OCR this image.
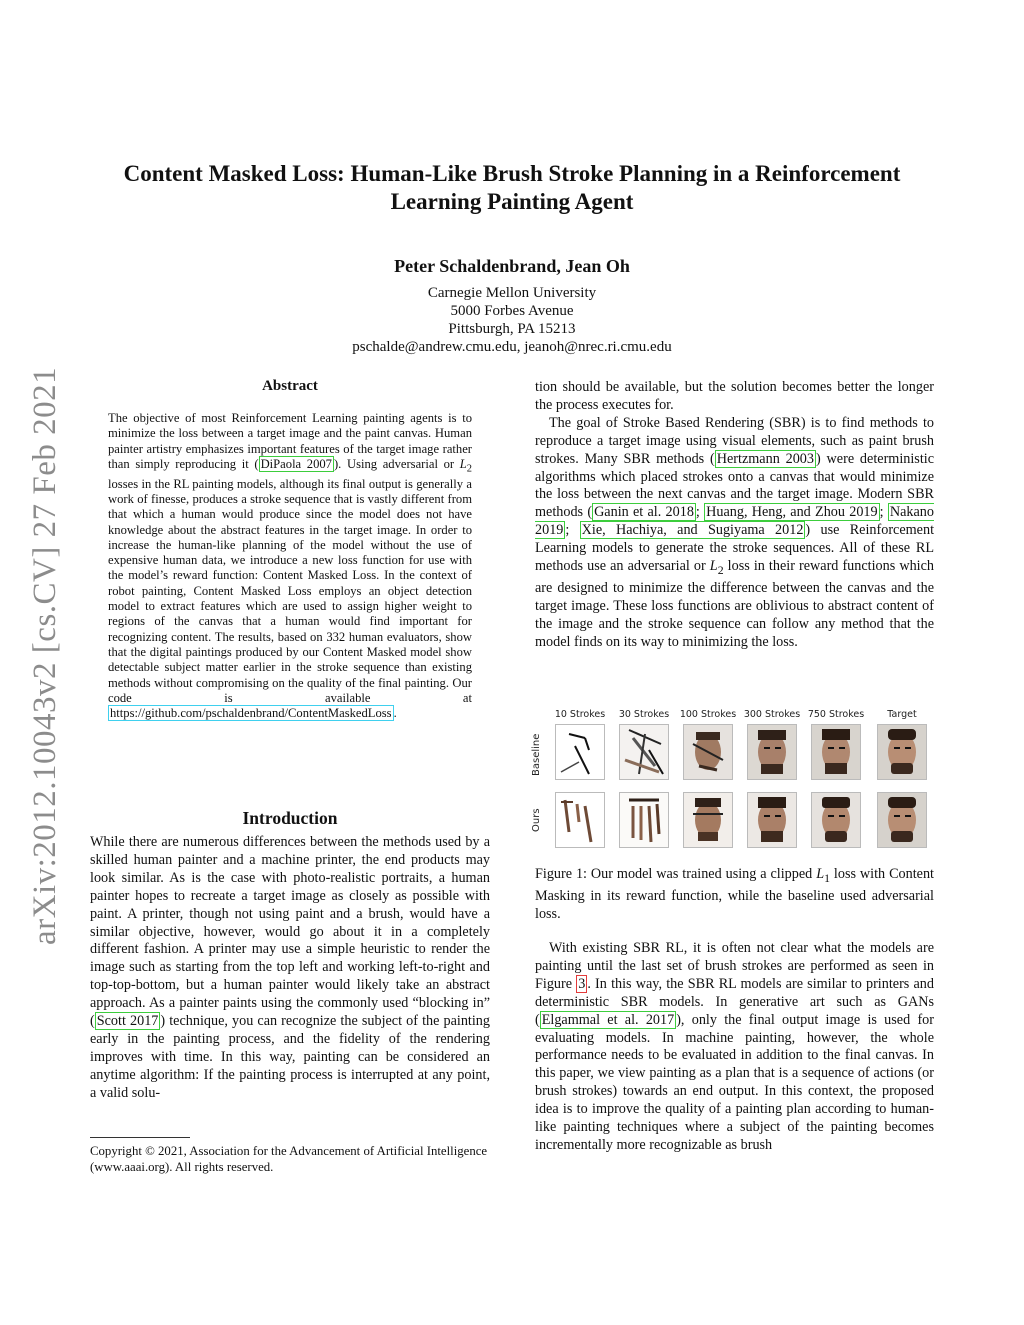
arXiv:2012.10043v2 [cs.CV] 27 Feb 2021
Content Masked Loss: Human-Like Brush Stroke Planning in a Reinforcement
Learning Painting Agent
Peter Schaldenbrand, Jean Oh
Carnegie Mellon University
5000 Forbes Avenue
Pittsburgh, PA 15213
pschalde@andrew.cmu.edu, jeanoh@nrec.ri.cmu.edu
Abstract
The objective of most Reinforcement Learning painting agents is to minimize the loss between a target image and the paint canvas. Human painter artistry emphasizes important features of the target image rather than simply reproducing it ( DiPaola 2007 ). Using adversarial or $L_2$ losses in the RL painting models, although its final output is generally a work of finesse, produces a stroke sequence that is vastly different from that which a human would produce since the model does not have knowledge about the abstract features in the target image. In order to increase the human-like planning of the model without the use of expensive human data, we introduce a new loss function for use with the model’s reward function: Content Masked Loss. In the context of robot painting, Content Masked Loss employs an object detection model to extract features which are used to assign higher weight to regions of the canvas that a human would find important for recognizing content. The results, based on 332 human evaluators, show that the digital paintings produced by our Content Masked model show detectable subject matter earlier in the stroke sequence than existing methods without compromising on the quality of the final painting. Our code is available at https://github.com/pschaldenbrand/ContentMaskedLoss .
Introduction
While there are numerous differences between the methods used by a skilled human painter and a machine printer, the end products may look similar. As is the case with photo-realistic portraits, a human painter hopes to recreate a target image as closely as possible with paint. A printer, though not using paint and a brush, would have a similar objective, however, would go about it in a completely different fashion. A printer may use a simple heuristic to render the image such as starting from the top left and working left-to-right and top-top-bottom, but a human painter would likely take an abstract approach. As a painter paints using the commonly used “blocking in” ( Scott 2017 ) technique, you can recognize the subject of the painting early in the painting process, and the fidelity of the rendering improves with time. In this way, painting can be considered an anytime algorithm: If the painting process is interrupted at any point, a valid solu-
Copyright © 2021, Association for the Advancement of Artificial Intelligence (www.aaai.org). All rights reserved.
tion should be available, but the solution becomes better the longer the process executes for.
The goal of Stroke Based Rendering (SBR) is to find methods to reproduce a target image using visual elements, such as paint brush strokes. Many SBR methods ( Hertzmann 2003 ) were deterministic algorithms which placed strokes onto a canvas that would minimize the loss between the next canvas and the target image. Modern SBR methods ( Ganin et al. 2018 ; Huang, Heng, and Zhou 2019 ; Nakano 2019 ; Xie, Hachiya, and Sugiyama 2012 ) use Reinforcement Learning models to generate the stroke sequences. All of these RL methods use an adversarial or $L_2$ loss in their reward functions which are designed to minimize the difference between the canvas and the target image. These loss functions are oblivious to abstract content of the image and the stroke sequence can follow any method that the model finds on its way to minimizing the loss.
10 Strokes	30 Strokes	100 Strokes 300 Strokes 750 Strokes	Target
Baseline
Ours
Figure 1: Our model was trained using a clipped $L_1$ loss with Content Masking in its reward function, while the baseline used adversarial loss.
With existing SBR RL, it is often not clear what the models are painting until the last set of brush strokes are performed as seen in Figure 3 . In this way, the SBR RL models are similar to printers and deterministic SBR models. In generative art such as GANs ( Elgammal et al. 2017 ), only the final output image is used for evaluating models. In machine painting, however, the whole performance needs to be evaluated in addition to the final canvas. In this paper, we view painting as a plan that is a sequence of actions (or brush strokes) towards an end output. In this context, the proposed idea is to improve the quality of a painting plan according to human-like painting techniques where a subject of the painting becomes incrementally more recognizable as brush
